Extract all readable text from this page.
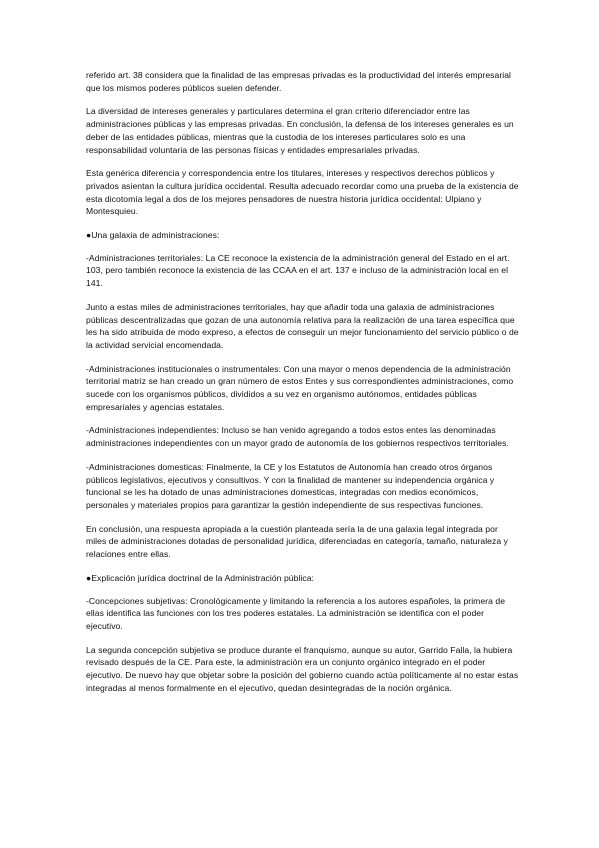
referido art. 38 considera que la finalidad de las empresas privadas es la productividad del interés empresarial que los mismos poderes públicos suelen defender.

La diversidad de intereses generales y particulares determina el gran criterio diferenciador entre las administraciones públicas y las empresas privadas. En conclusión, la defensa de los intereses generales es un deber de las entidades públicas, mientras que la custodia de los intereses particulares solo es una responsabilidad voluntaria de las personas físicas y entidades empresariales privadas.

Esta genérica diferencia y correspondencia entre los titulares, intereses y respectivos derechos públicos y privados asientan la cultura jurídica occidental. Resulta adecuado recordar como una prueba de la existencia de esta dicotomía legal a dos de los mejores pensadores de nuestra historia jurídica occidental: Ulpiano y Montesquieu.

●Una galaxia de administraciones:

-Administraciones territoriales: La CE reconoce la existencia de la administración general del Estado en el art. 103, pero también reconoce la existencia de las CCAA en el art. 137 e incluso de la administración local en el 141.

Junto a estas miles de administraciones territoriales, hay que añadir toda una galaxia de administraciones públicas descentralizadas que gozan de una autonomía relativa para la realización de una tarea específica que les ha sido atribuida de modo expreso, a efectos de conseguir un mejor funcionamiento del servicio público o de la actividad servicial encomendada.

-Administraciones institucionales o instrumentales: Con una mayor o menos dependencia de la administración territorial matriz se han creado un gran número de estos Entes y sus correspondientes administraciones, como sucede con los organismos públicos, divididos a su vez en organismo autónomos, entidades públicas empresariales y agencias estatales.

-Administraciones independientes: Incluso se han venido agregando a todos estos entes las denominadas administraciones independientes con un mayor grado de autonomía de los gobiernos respectivos territoriales.

-Administraciones domesticas: Finalmente, la CE y los Estatutos de Autonomía han creado otros órganos públicos legislativos, ejecutivos y consultivos. Y con la finalidad de mantener su independencia orgánica y funcional se les ha dotado de unas administraciones domesticas, integradas con medios económicos, personales y materiales propios para garantizar la gestión independiente de sus respectivas funciones.

En conclusión, una respuesta apropiada a la cuestión planteada sería la de una galaxia legal integrada por miles de administraciones dotadas de personalidad jurídica, diferenciadas en categoría, tamaño, naturaleza y relaciones entre ellas.

●Explicación jurídica doctrinal de la Administración pública:

-Concepciones subjetivas: Cronológicamente y limitando la referencia a los autores españoles, la primera de ellas identifica las funciones con los tres poderes estatales. La administración se identifica con el poder ejecutivo.

La segunda concepción subjetiva se produce durante el franquismo, aunque su autor, Garrido Falla, la hubiera revisado después de la CE. Para este, la administración era un conjunto orgánico integrado en el poder ejecutivo. De nuevo hay que objetar sobre la posición del gobierno cuando actúa políticamente al no estar estas integradas al menos formalmente en el ejecutivo, quedan desintegradas de la noción orgánica.
